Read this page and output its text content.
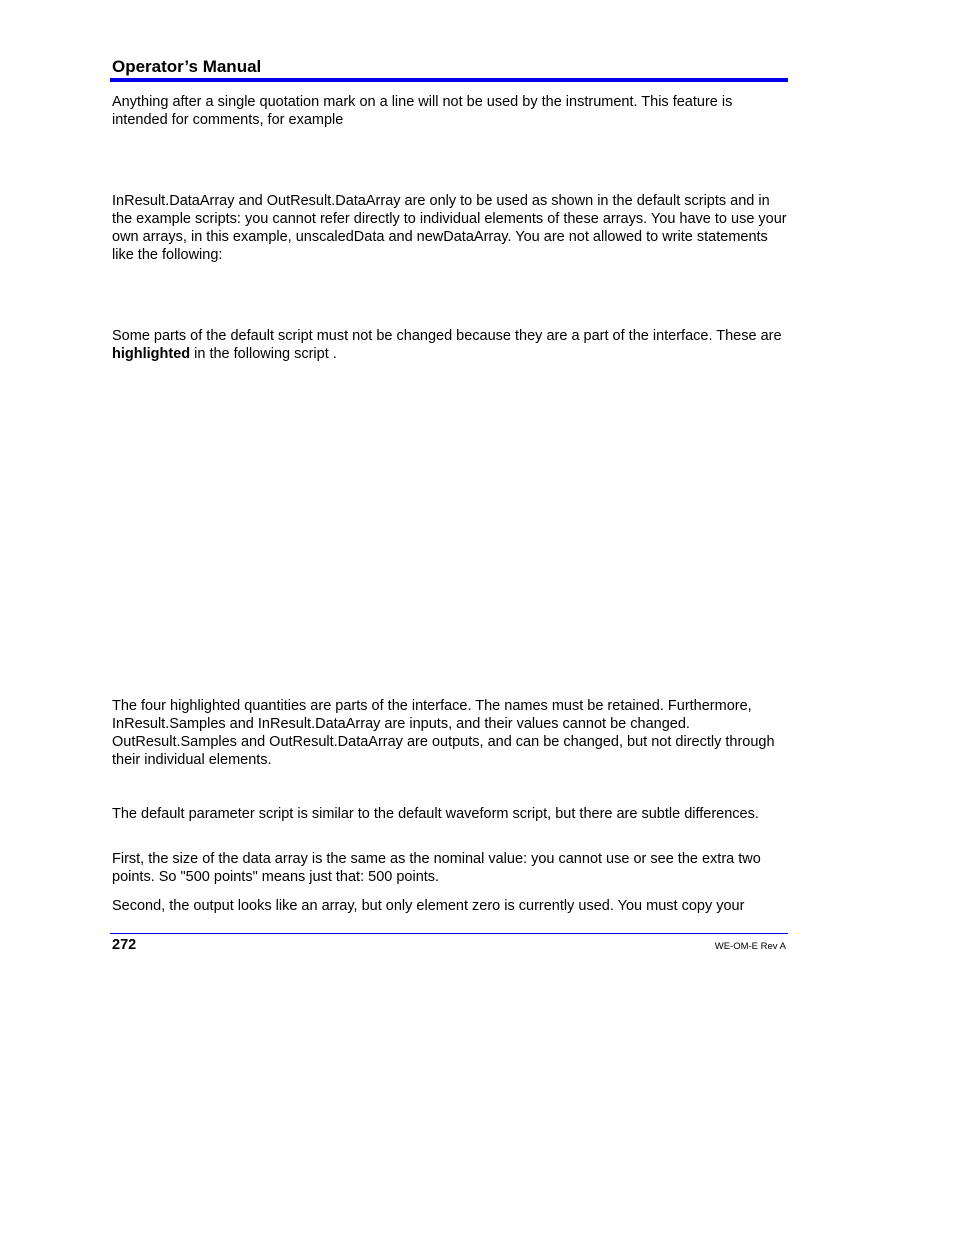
Operator’s Manual

Anything after a single quotation mark on a line will not be used by the instrument. This feature is intended for comments, for example

InResult.DataArray and OutResult.DataArray are only to be used as shown in the default scripts and in the example scripts: you cannot refer directly to individual elements of these arrays. You have to use your own arrays, in this example, unscaledData and newDataArray. You are not allowed to write statements like the following:

Some parts of the default script must not be changed because they are a part of the interface. These are highlighted in the following script .

The four highlighted quantities are parts of the interface. The names must be retained. Furthermore, InResult.Samples and InResult.DataArray are inputs, and their values cannot be changed. OutResult.Samples and OutResult.DataArray are outputs, and can be changed, but not directly through their individual elements.

The default parameter script is similar to the default waveform script, but there are subtle differences.

First, the size of the data array is the same as the nominal value: you cannot use or see the extra two points. So "500 points" means just that: 500 points.

Second, the output looks like an array, but only element zero is currently used. You must copy your

272	WE-OM-E Rev A
